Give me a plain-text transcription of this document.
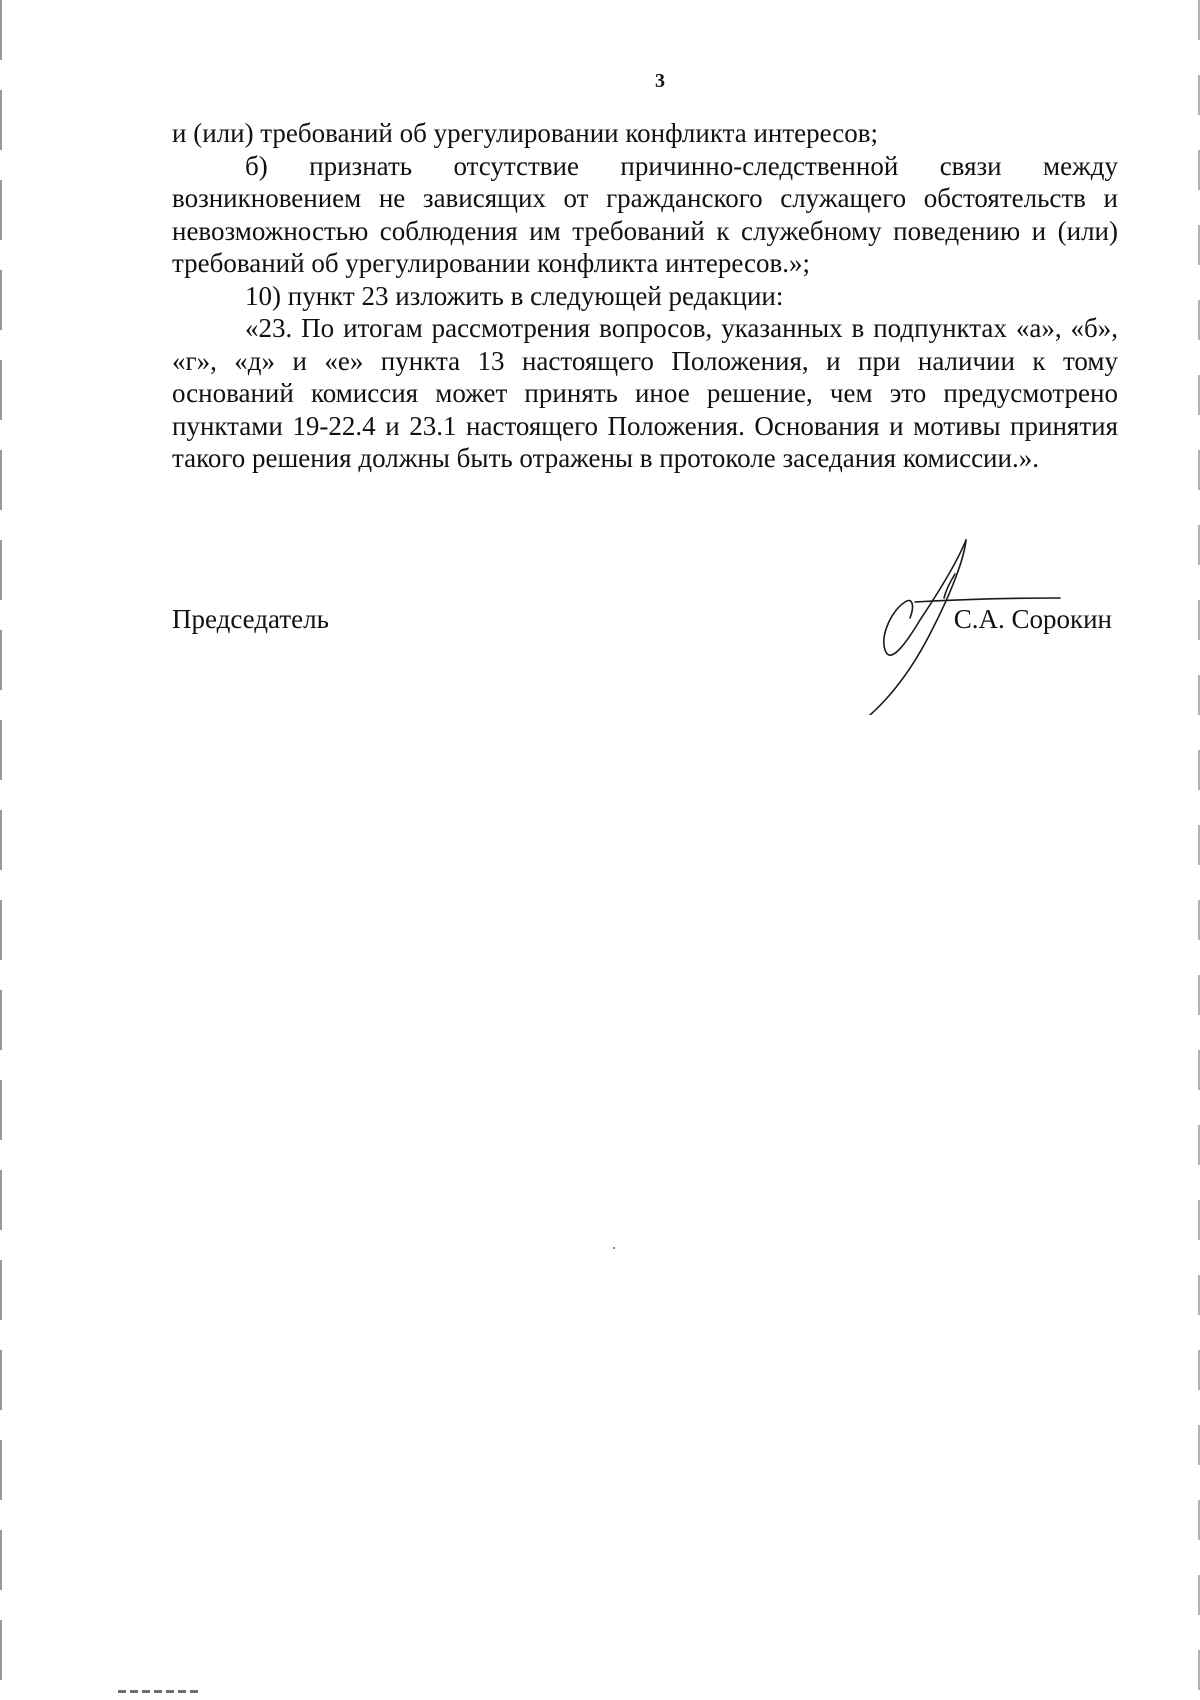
3

и (или) требований об урегулировании конфликта интересов;

б) признать отсутствие причинно-следственной связи между возникновением не зависящих от гражданского служащего обстоятельств и невозможностью соблюдения им требований к служебному поведению и (или) требований об урегулировании конфликта интересов.»;

10) пункт 23 изложить в следующей редакции:

«23. По итогам рассмотрения вопросов, указанных в подпунктах «а», «б», «г», «д» и «е» пункта 13 настоящего Положения, и при наличии к тому оснований комиссия может принять иное решение, чем это предусмотрено пунктами 19-22.4 и 23.1 настоящего Положения. Основания и мотивы принятия такого решения должны быть отражены в протоколе заседания комиссии.».

Председатель	С.А. Сорокин
